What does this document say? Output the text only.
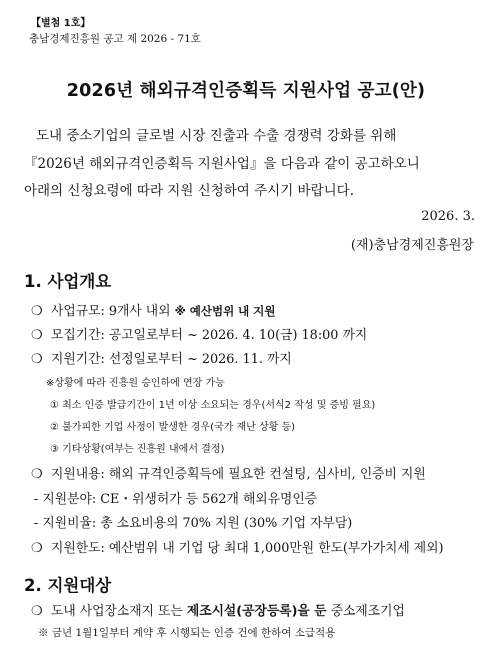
【별첨 1호】
충남경제진흥원 공고 제 2026 - 71호
2026년 해외규격인증획득 지원사업 공고(안)
도내 중소기업의 글로벌 시장 진출과 수출 경쟁력 강화를 위해
『2026년 해외규격인증획득 지원사업』을 다음과 같이 공고하오니
아래의 신청요령에 따라 지원 신청하여 주시기 바랍니다.
2026. 3.
(재)충남경제진흥원장
1. 사업개요
❍ 사업규모: 9개사 내외 ※ 예산범위 내 지원
❍ 모집기간: 공고일로부터 ~ 2026. 4. 10(금) 18:00 까지
❍ 지원기간: 선정일로부터 ~ 2026. 11. 까지
※상황에 따라 진흥원 승인하에 연장 가능
① 최소 인증 발급기간이 1년 이상 소요되는 경우(서식2 작성 및 증빙 필요)
② 불가피한 기업 사정이 발생한 경우(국가 재난 상황 등)
③ 기타상황(여부는 진흥원 내에서 결정)
❍ 지원내용: 해외 규격인증획득에 필요한 컨설팅, 심사비, 인증비 지원
- 지원분야: CE・위생허가 등 562개 해외유명인증
- 지원비율: 총 소요비용의 70% 지원 (30% 기업 자부담)
❍ 지원한도: 예산범위 내 기업 당 최대 1,000만원 한도(부가가치세 제외)
2. 지원대상
❍ 도내 사업장소재지 또는 제조시설(공장등록)을 둔 중소제조기업
※ 금년 1월1일부터 계약 후 시행되는 인증 건에 한하여 소급적용
